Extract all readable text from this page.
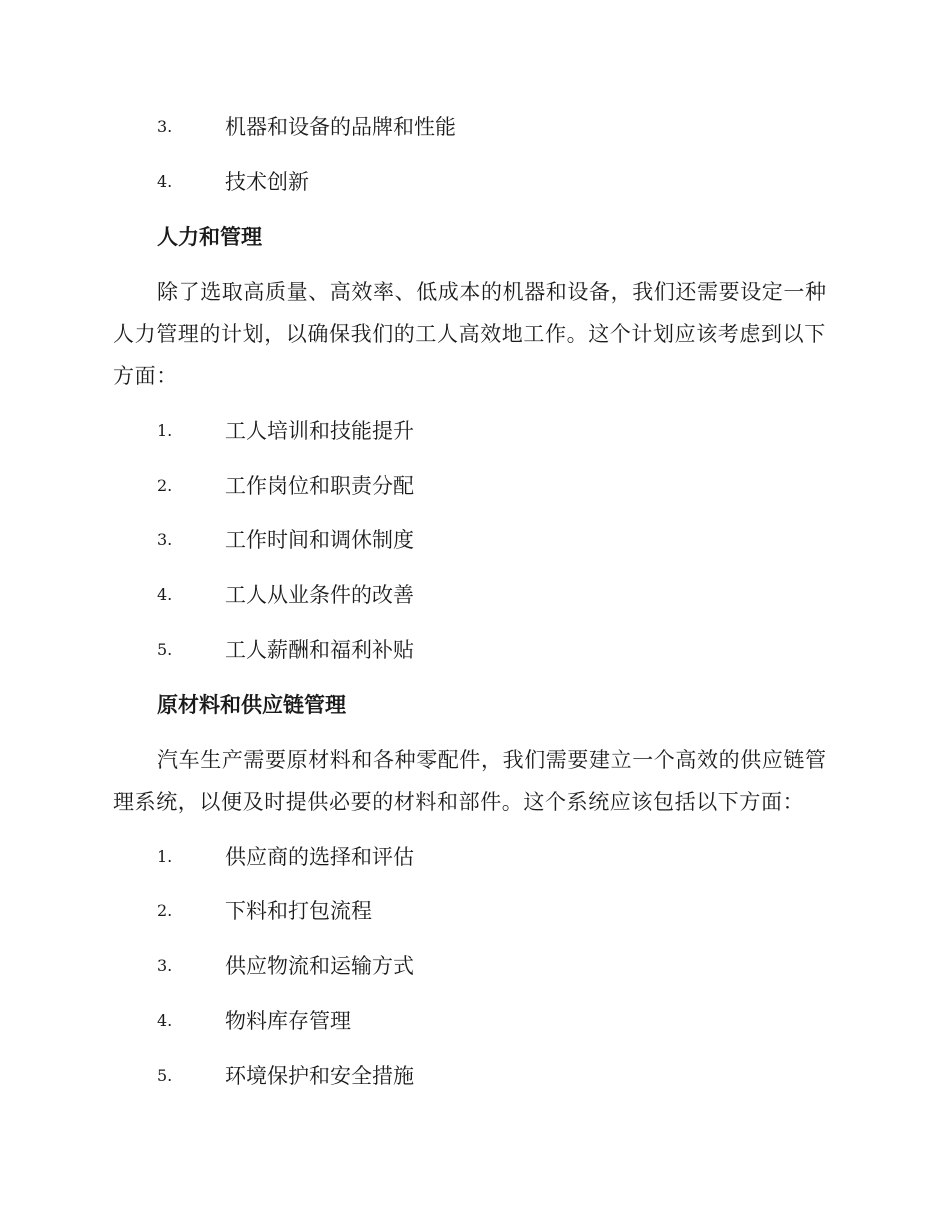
3.	机器和设备的品牌和性能
4.	技术创新
人力和管理
除了选取高质量、高效率、低成本的机器和设备，我们还需要设定一种
人力管理的计划，以确保我们的工人高效地工作。这个计划应该考虑到以下
方面：
1.	工人培训和技能提升
2.	工作岗位和职责分配
3.	工作时间和调休制度
4.	工人从业条件的改善
5.	工人薪酬和福利补贴
原材料和供应链管理
汽车生产需要原材料和各种零配件，我们需要建立一个高效的供应链管
理系统，以便及时提供必要的材料和部件。这个系统应该包括以下方面：
1.	供应商的选择和评估
2.	下料和打包流程
3.	供应物流和运输方式
4.	物料库存管理
5.	环境保护和安全措施
